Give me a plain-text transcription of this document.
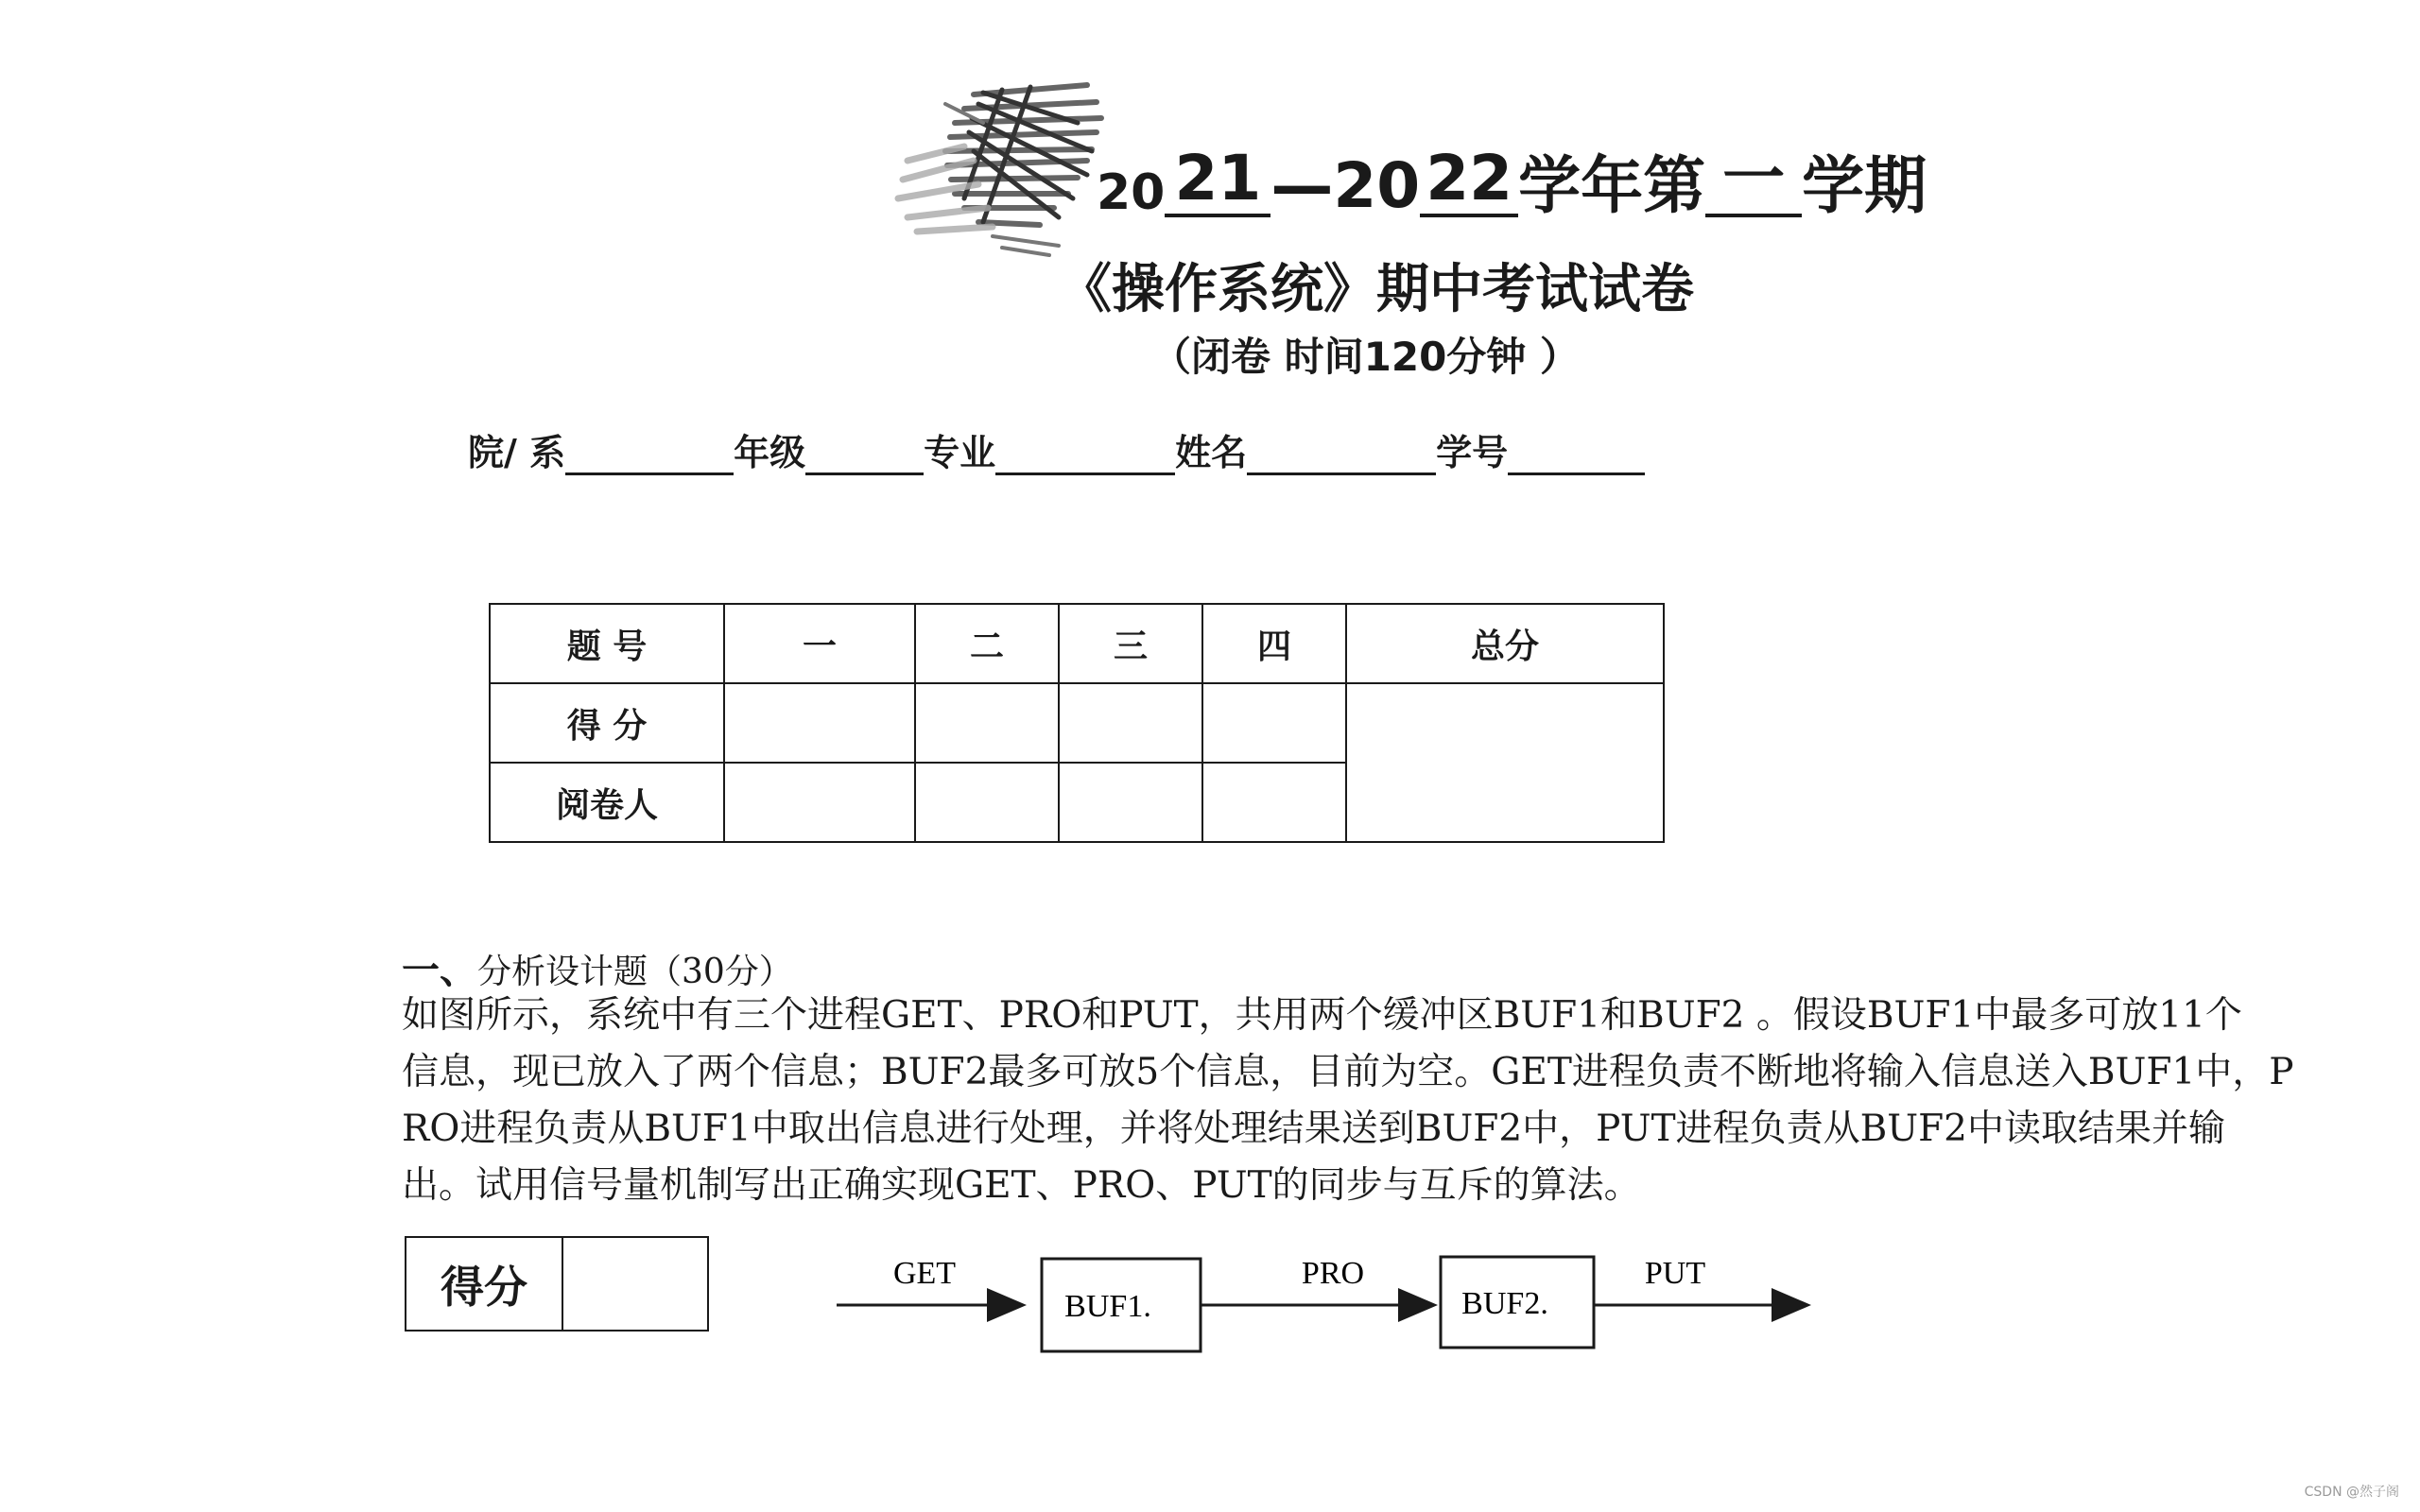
20 21 — 20 22 学年第 一 学期
《操作系统》期中考试试卷
（闭卷 时间120分钟 ）
院/ 系	年级	专业	姓名	学号
题 号	一	二	三	四	总分
得 分					
阅卷人					
一、分析设计题（30分）
如图所示，系统中有三个进程GET、PRO和PUT，共用两个缓冲区BUF1和BUF2 。假设BUF1中最多可放11个
信息，现已放入了两个信息；BUF2最多可放5个信息，目前为空。GET进程负责不断地将输入信息送入BUF1中，P
RO进程负责从BUF1中取出信息进行处理，并将处理结果送到BUF2中，PUT进程负责从BUF2中读取结果并输
出。试用信号量机制写出正确实现GET、PRO、PUT的同步与互斥的算法。
得分		GET
BUF1.
PRO
BUF2.
PUT
CSDN @然子阁
